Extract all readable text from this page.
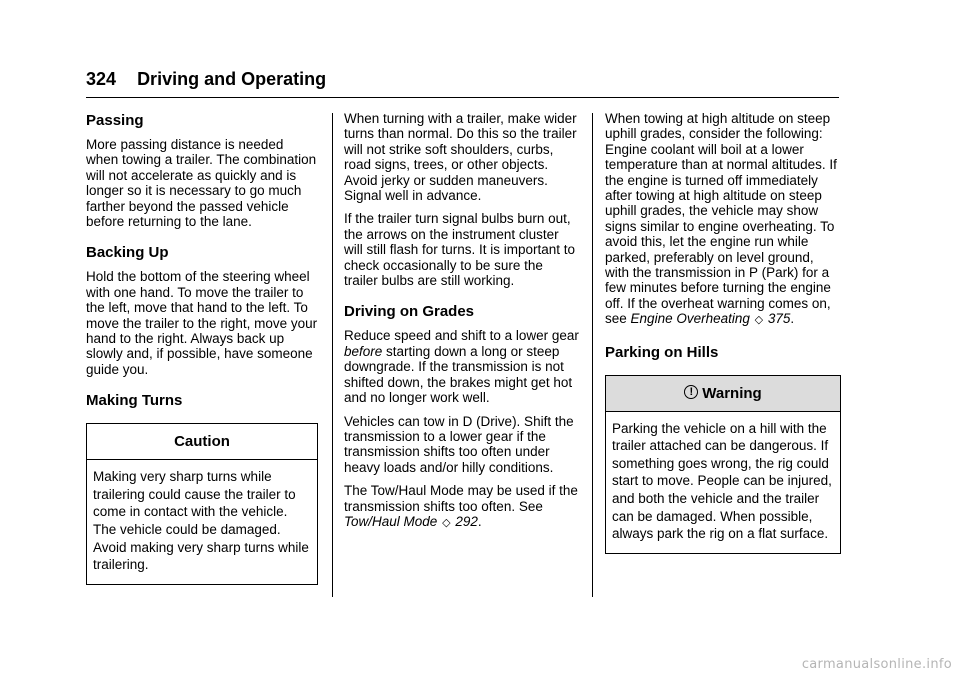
324 Driving and Operating
Passing

More passing distance is needed when towing a trailer. The combination will not accelerate as quickly and is longer so it is necessary to go much farther beyond the passed vehicle before returning to the lane.

Backing Up

Hold the bottom of the steering wheel with one hand. To move the trailer to the left, move that hand to the left. To move the trailer to the right, move your hand to the right. Always back up slowly and, if possible, have someone guide you.

Making Turns
Caution
Making very sharp turns while trailering could cause the trailer to come in contact with the vehicle. The vehicle could be damaged. Avoid making very sharp turns while trailering.

When turning with a trailer, make wider turns than normal. Do this so the trailer will not strike soft shoulders, curbs, road signs, trees, or other objects. Avoid jerky or sudden maneuvers. Signal well in advance.

If the trailer turn signal bulbs burn out, the arrows on the instrument cluster will still flash for turns. It is important to check occasionally to be sure the trailer bulbs are still working.

Driving on Grades

Reduce speed and shift to a lower gear before starting down a long or steep downgrade. If the transmission is not shifted down, the brakes might get hot and no longer work well.

Vehicles can tow in D (Drive). Shift the transmission to a lower gear if the transmission shifts too often under heavy loads and/or hilly conditions.

The Tow/Haul Mode may be used if the transmission shifts too often. See Tow/Haul Mode ◇ 292.

When towing at high altitude on steep uphill grades, consider the following: Engine coolant will boil at a lower temperature than at normal altitudes. If the engine is turned off immediately after towing at high altitude on steep uphill grades, the vehicle may show signs similar to engine overheating. To avoid this, let the engine run while parked, preferably on level ground, with the transmission in P (Park) for a few minutes before turning the engine off. If the overheat warning comes on, see Engine Overheating ◇ 375.

Parking on Hills
! Warning
Parking the vehicle on a hill with the trailer attached can be dangerous. If something goes wrong, the rig could start to move. People can be injured, and both the vehicle and the trailer can be damaged. When possible, always park the rig on a flat surface.
carmanualsonline.info
